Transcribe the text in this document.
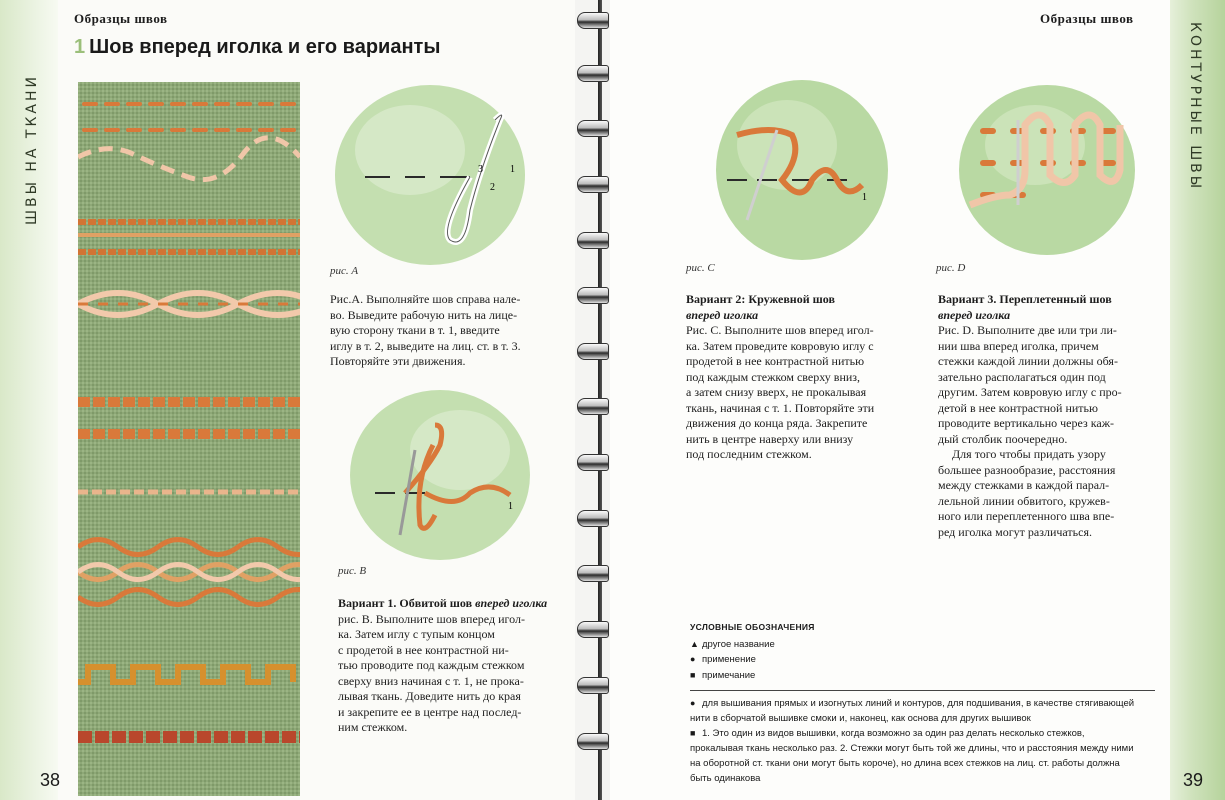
ШВЫ НА ТКАНИ
Образцы швов
1 Шов вперед иголка и его варианты
3	1
2
рис. A
Рис.A. Выполняйте шов справа нале-
во. Выведите рабочую нить на лице-
вую сторону ткани в т. 1, введите
иглу в т. 2, выведите на лиц. ст. в т. 3.
Повторяйте эти движения.
1
рис. B
Вариант 1. Обвитой шов вперед иголка
рис. B. Выполните шов вперед игол-
ка. Затем иглу с тупым концом
с продетой в нее контрастной ни-
тью проводите под каждым стежком
сверху вниз начиная с т. 1, не прока-
лывая ткань. Доведите нить до края
и закрепите ее в центре над послед-
ним стежком.
38
КОНТУРНЫЕ ШВЫ
Образцы швов
1
рис. C	рис. D
Вариант 2: Кружевной шов
вперед иголка
Рис. С. Выполните шов вперед игол-
ка. Затем проведите ковровую иглу с
продетой в нее контрастной нитью
под каждым стежком сверху вниз,
а затем снизу вверх, не прокалывая
ткань, начиная с т. 1. Повторяйте эти
движения до конца ряда. Закрепите
нить в центре наверху или внизу
под последним стежком.
Вариант 3. Переплетенный шов
вперед иголка
Рис. D. Выполните две или три ли-
нии шва вперед иголка, причем
стежки каждой линии должны обя-
зательно располагаться один под
другим. Затем ковровую иглу с про-
детой в нее контрастной нитью
проводите вертикально через каж-
дый столбик поочередно.
Для того чтобы придать узору
большее разнообразие, расстояния
между стежками в каждой парал-
лельной линии обвитого, кружев-
ного или переплетенного шва впе-
ред иголка могут различаться.
УСЛОВНЫЕ ОБОЗНАЧЕНИЯ
▲ другое название
● применение
■ примечание
● для вышивания прямых и изогнутых линий и контуров, для подшивания, в качестве стягивающей
нити в сборчатой вышивке смоки и, наконец, как основа для других вышивок
■ 1. Это один из видов вышивки, когда возможно за один раз делать несколько стежков,
прокалывая ткань несколько раз. 2. Стежки могут быть той же длины, что и расстояния между ними
на оборотной ст. ткани они могут быть короче), но длина всех стежков на лиц. ст. работы должна
быть одинакова	39
